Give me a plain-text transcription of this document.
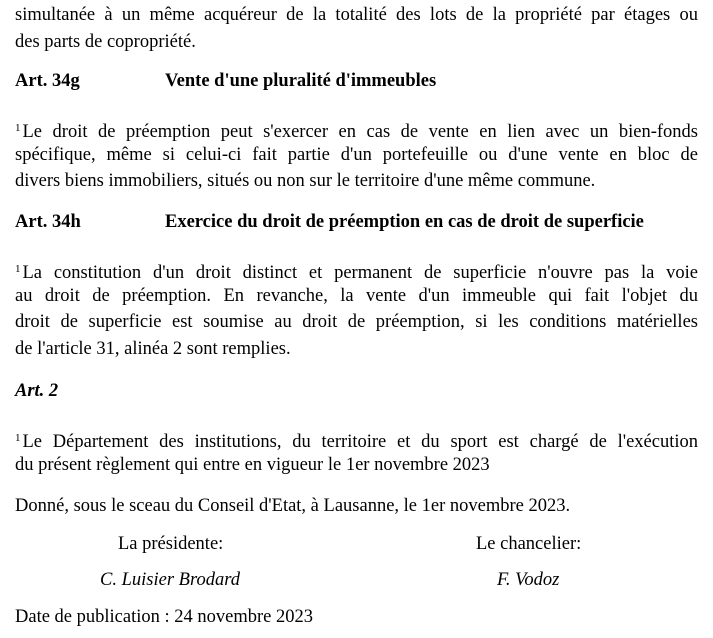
simultanée à un même acquéreur de la totalité des lots de la propriété par étages ou
des parts de copropriété.
Art. 34g	Vente d'une pluralité d'immeubles
$^1$ Le droit de préemption peut s'exercer en cas de vente en lien avec un bien-fonds
spécifique, même si celui-ci fait partie d'un portefeuille ou d'une vente en bloc de
divers biens immobiliers, situés ou non sur le territoire d'une même commune.
Art. 34h	Exercice du droit de préemption en cas de droit de superficie
$^1$ La constitution d'un droit distinct et permanent de superficie n'ouvre pas la voie
au droit de préemption. En revanche, la vente d'un immeuble qui fait l'objet du
droit de superficie est soumise au droit de préemption, si les conditions matérielles
de l'article 31, alinéa 2 sont remplies.
Art. 2
$^1$ Le Département des institutions, du territoire et du sport est chargé de l'exécution
du présent règlement qui entre en vigueur le 1er novembre 2023
Donné, sous le sceau du Conseil d'Etat, à Lausanne, le 1er novembre 2023.
La présidente:	Le chancelier:
C. Luisier Brodard	F. Vodoz
Date de publication : 24 novembre 2023
